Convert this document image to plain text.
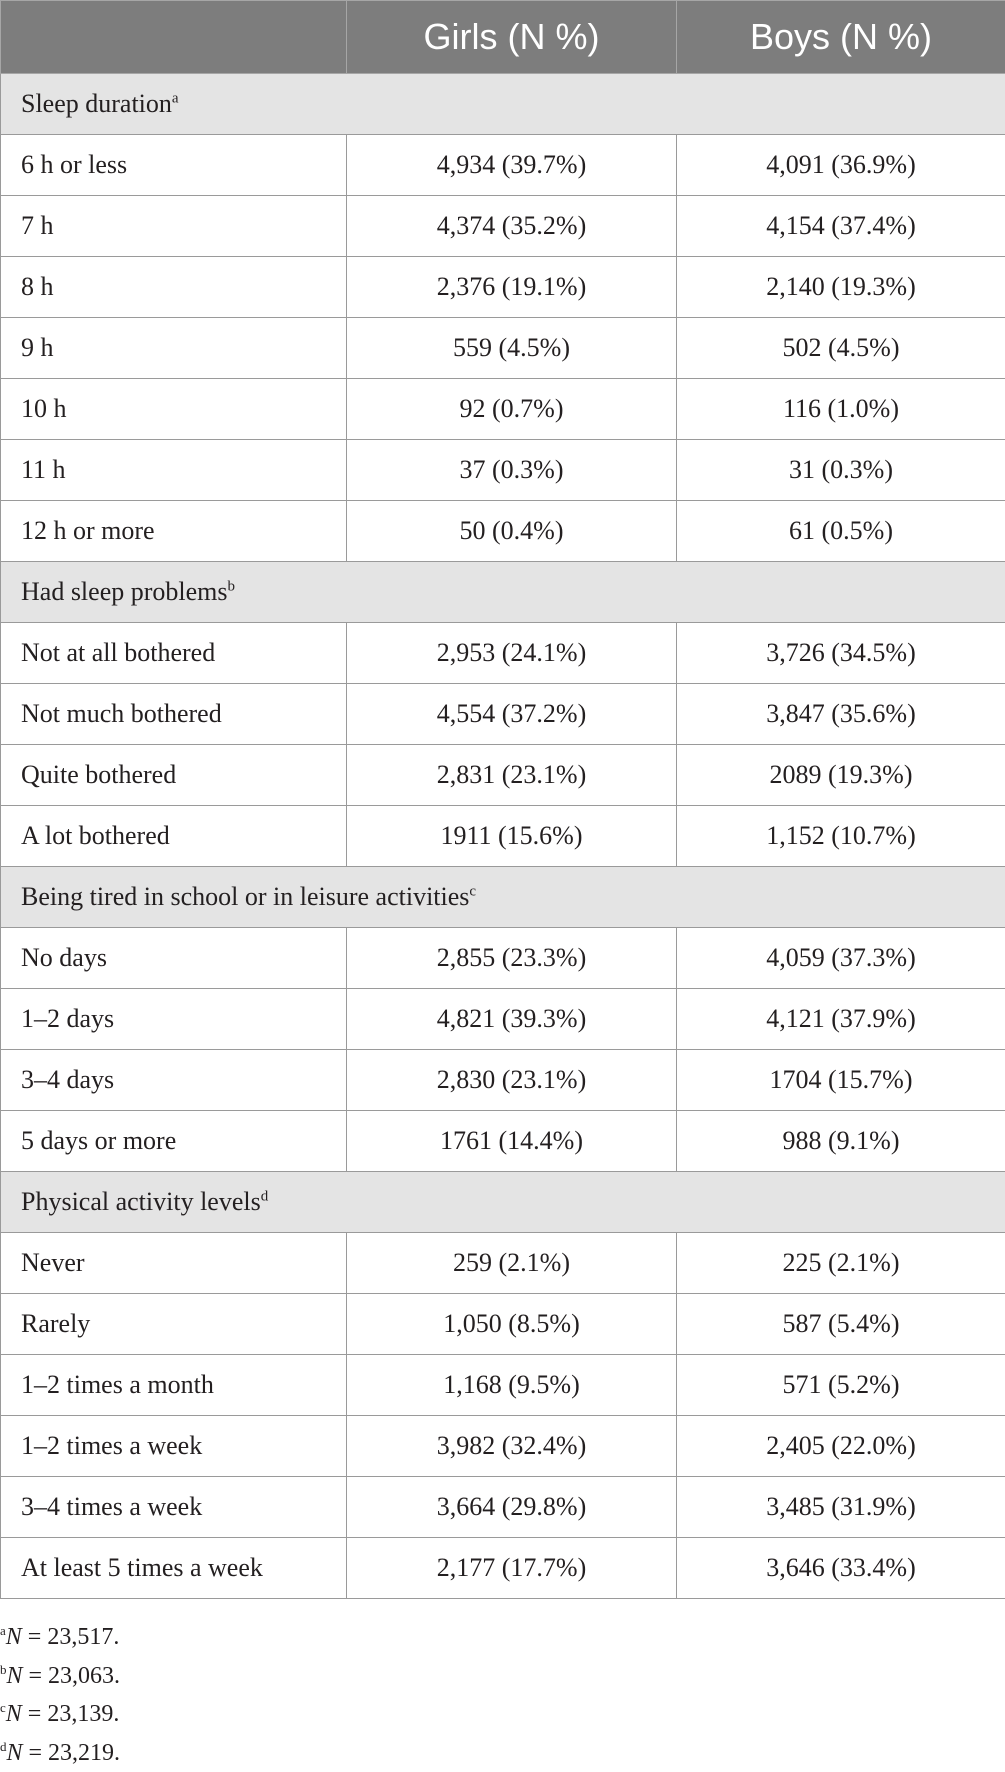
	Girls (N %)	Boys (N %)
Sleep duration$^a$
6 h or less	4,934 (39.7%)	4,091 (36.9%)
7 h	4,374 (35.2%)	4,154 (37.4%)
8 h	2,376 (19.1%)	2,140 (19.3%)
9 h	559 (4.5%)	502 (4.5%)
10 h	92 (0.7%)	116 (1.0%)
11 h	37 (0.3%)	31 (0.3%)
12 h or more	50 (0.4%)	61 (0.5%)
Had sleep problems$^b$
Not at all bothered	2,953 (24.1%)	3,726 (34.5%)
Not much bothered	4,554 (37.2%)	3,847 (35.6%)
Quite bothered	2,831 (23.1%)	2089 (19.3%)
A lot bothered	1911 (15.6%)	1,152 (10.7%)
Being tired in school or in leisure activities$^c$
No days	2,855 (23.3%)	4,059 (37.3%)
1–2 days	4,821 (39.3%)	4,121 (37.9%)
3–4 days	2,830 (23.1%)	1704 (15.7%)
5 days or more	1761 (14.4%)	988 (9.1%)
Physical activity levels$^d$
Never	259 (2.1%)	225 (2.1%)
Rarely	1,050 (8.5%)	587 (5.4%)
1–2 times a month	1,168 (9.5%)	571 (5.2%)
1–2 times a week	3,982 (32.4%)	2,405 (22.0%)
3–4 times a week	3,664 (29.8%)	3,485 (31.9%)
At least 5 times a week	2,177 (17.7%)	3,646 (33.4%)
$^a$N = 23,517.
$^b$N = 23,063.
$^c$N = 23,139.
$^d$N = 23,219.
